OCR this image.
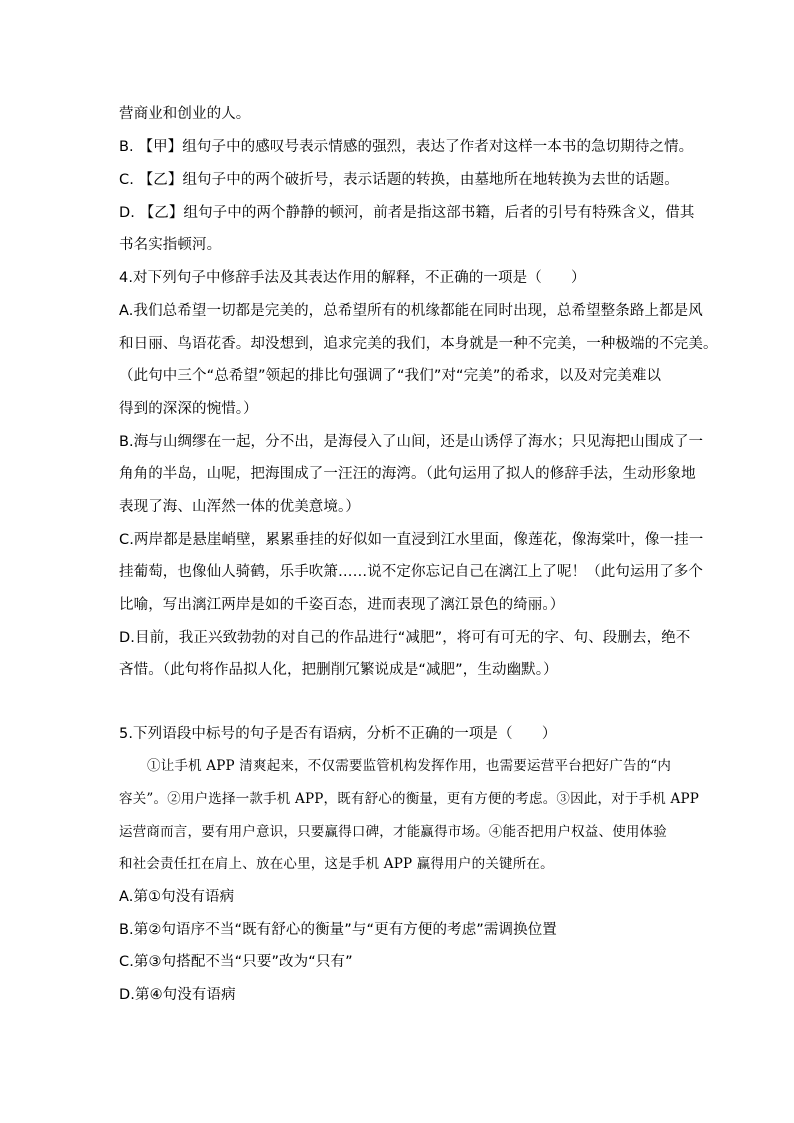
营商业和创业的人。
B. 【甲】组句子中的感叹号表示情感的强烈，表达了作者对这样一本书的急切期待之情。
C. 【乙】组句子中的两个破折号，表示话题的转换，由墓地所在地转换为去世的话题。
D. 【乙】组句子中的两个静静的顿河，前者是指这部书籍，后者的引号有特殊含义，借其
书名实指顿河。
4.对下列句子中修辞手法及其表达作用的解释，不正确的一项是（　　）
A.我们总希望一切都是完美的，总希望所有的机缘都能在同时出现，总希望整条路上都是风
和日丽、鸟语花香。却没想到，追求完美的我们，本身就是一种不完美，一种极端的不完美。
（此句中三个“总希望”领起的排比句强调了“我们”对“完美”的希求，以及对完美难以
得到的深深的惋惜。）
B.海与山绸缪在一起，分不出，是海侵入了山间，还是山诱俘了海水；只见海把山围成了一
角角的半岛，山呢，把海围成了一汪汪的海湾。（此句运用了拟人的修辞手法，生动形象地
表现了海、山浑然一体的优美意境。）
C.两岸都是悬崖峭壁，累累垂挂的好似如一直浸到江水里面，像莲花，像海棠叶，像一挂一
挂葡萄，也像仙人骑鹤，乐手吹箫……说不定你忘记自己在漓江上了呢！（此句运用了多个
比喻，写出漓江两岸是如的千姿百态，进而表现了漓江景色的绮丽。）
D.目前，我正兴致勃勃的对自己的作品进行“减肥”，将可有可无的字、句、段删去，绝不
吝惜。（此句将作品拟人化，把删削冗繁说成是“减肥”，生动幽默。）
5.下列语段中标号的句子是否有语病，分析不正确的一项是（　　）
①让手机 APP 清爽起来，不仅需要监管机构发挥作用，也需要运营平台把好广告的“内
容关”。②用户选择一款手机 APP，既有舒心的衡量，更有方便的考虑。③因此，对于手机 APP
运营商而言，要有用户意识，只要赢得口碑，才能赢得市场。④能否把用户权益、使用体验
和社会责任扛在肩上、放在心里，这是手机 APP 赢得用户的关键所在。
A.第①句没有语病
B.第②句语序不当“既有舒心的衡量”与“更有方便的考虑”需调换位置
C.第③句搭配不当“只要”改为“只有”
D.第④句没有语病
